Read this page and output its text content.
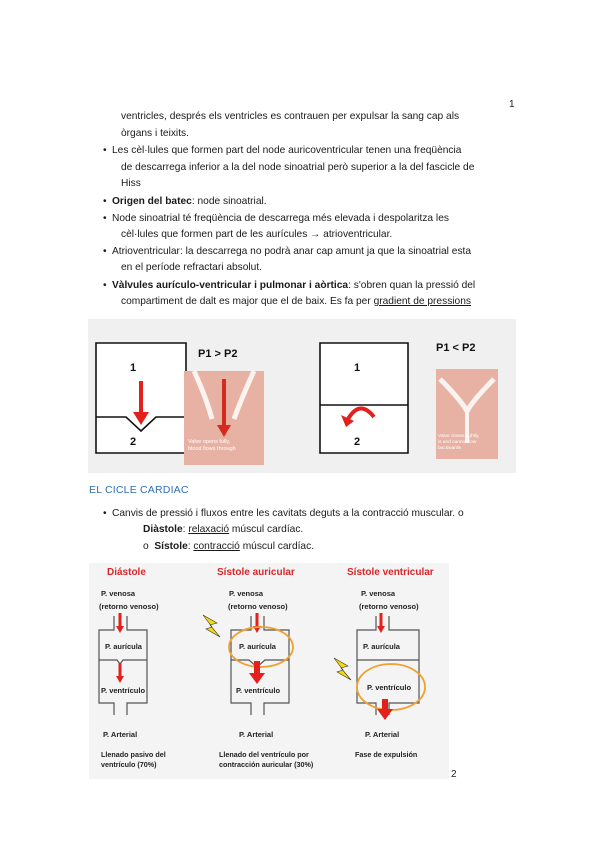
1
ventricles, després els ventricles es contrauen per expulsar la sang cap als
òrgans i teixits.
• Les cèl·lules que formen part del node auricoventricular tenen una freqüència
de descarrega inferior a la del node sinoatrial però superior a la del fascicle de
Hiss
• Origen del batec: node sinoatrial.
• Node sinoatrial té freqüència de descarrega més elevada i despolaritza les
cèl·lules que formen part de les aurícules → atrioventricular.
• Atrioventricular: la descarrega no podrà anar cap amunt ja que la sinoatrial esta
en el període refractari absolut.
• Vàlvules aurículo-ventricular i pulmonar i aòrtica: s'obren quan la pressió del
compartiment de dalt es major que el de baix. Es fa per gradient de pressions
1
2
P1 > P2
Valve opens fully,
blood flows through
1
2
P1 < P2
Valve closes tightly,
is and cannot flow
backwards
EL CICLE CARDIAC
• Canvis de pressió i fluxos entre les cavitats deguts a la contracció muscular. o
Diàstole: relaxació múscul cardíac.
o Sístole: contracció múscul cardíac.
Diástole	Sístole auricular	Sístole ventricular
P. venosa
(retorno venoso)
P. aurícula
P. ventrículo
P. Arterial
Llenado pasivo del
ventrículo (70%)
P. venosa
(retorno venoso)
P. aurícula
P. ventrículo
P. Arterial
Llenado del ventrículo por
contracción auricular (30%)
P. venosa
(retorno venoso)
P. aurícula
P. ventrículo
P. Arterial
Fase de expulsión
2
